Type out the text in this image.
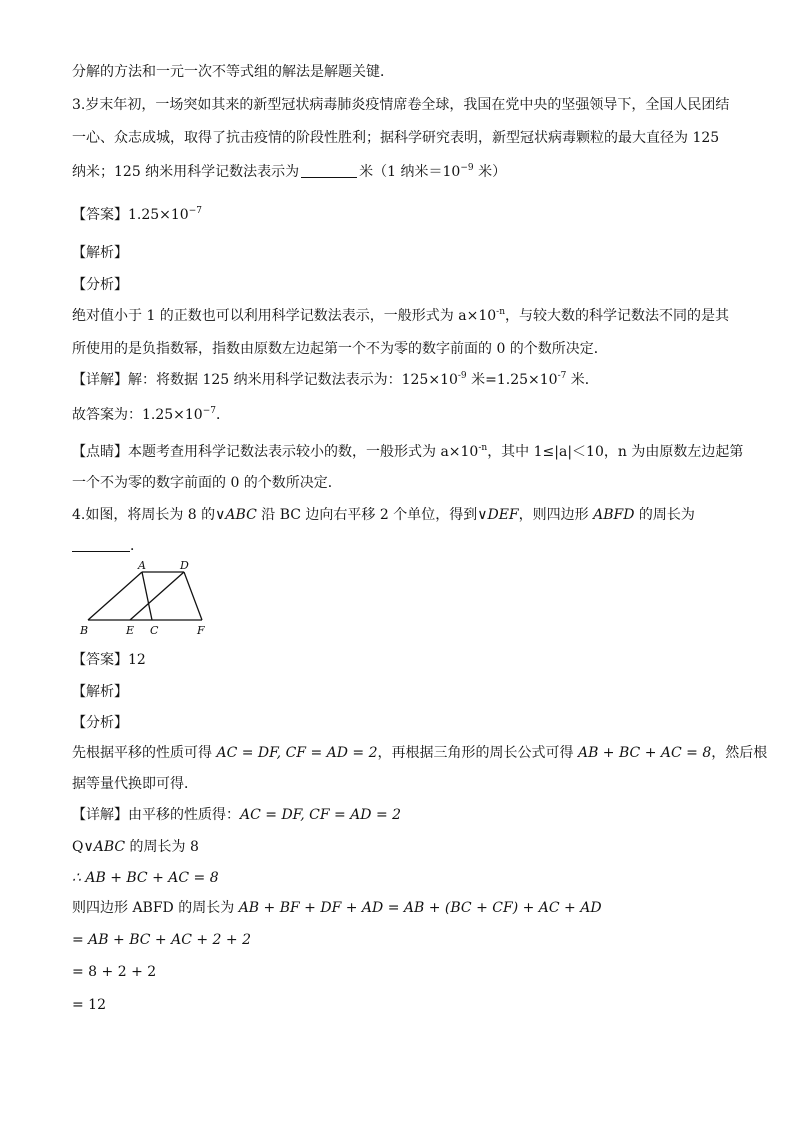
分解的方法和一元一次不等式组的解法是解题关键．
3.岁末年初，一场突如其来的新型冠状病毒肺炎疫情席卷全球，我国在党中央的坚强领导下，全国人民团结
一心、众志成城，取得了抗击疫情的阶段性胜利；据科学研究表明，新型冠状病毒颗粒的最大直径为 125
纳米；125 纳米用科学记数法表示为	米（1 纳米$=10^{-9}$ 米）
【答案】$1.25\times 10^{-7}$
【解析】
【分析】
绝对值小于 1 的正数也可以利用科学记数法表示，一般形式为 $a\times 10^{-n}$，与较大数的科学记数法不同的是其
所使用的是负指数幂，指数由原数左边起第一个不为零的数字前面的 0 的个数所决定．
【详解】解：将数据 125 纳米用科学记数法表示为：$125\times 10^{-9}$ 米$=1.25\times 10^{-7}$ 米．
故答案为：$1.25\times 10^{-7}$．
【点睛】本题考查用科学记数法表示较小的数，一般形式为 $a\times 10^{-n}$，其中 1≤|a|＜10，n 为由原数左边起第
一个不为零的数字前面的 0 的个数所决定．
4.如图，将周长为 8 的∨ABC 沿 BC 边向右平移 2 个单位，得到∨DEF，则四边形 ABFD 的周长为
．
A	D
B	E C	F
【答案】12
【解析】
【分析】
先根据平移的性质可得 AC = DF, CF = AD = 2，再根据三角形的周长公式可得 AB + BC + AC = 8，然后根
据等量代换即可得．
【详解】由平移的性质得：AC = DF, CF = AD = 2
Q∨ABC 的周长为 8
∴ AB + BC + AC = 8
则四边形 ABFD 的周长为 AB + BF + DF + AD = AB + (BC + CF) + AC + AD
= AB + BC + AC + 2 + 2
= 8 + 2 + 2
= 12
